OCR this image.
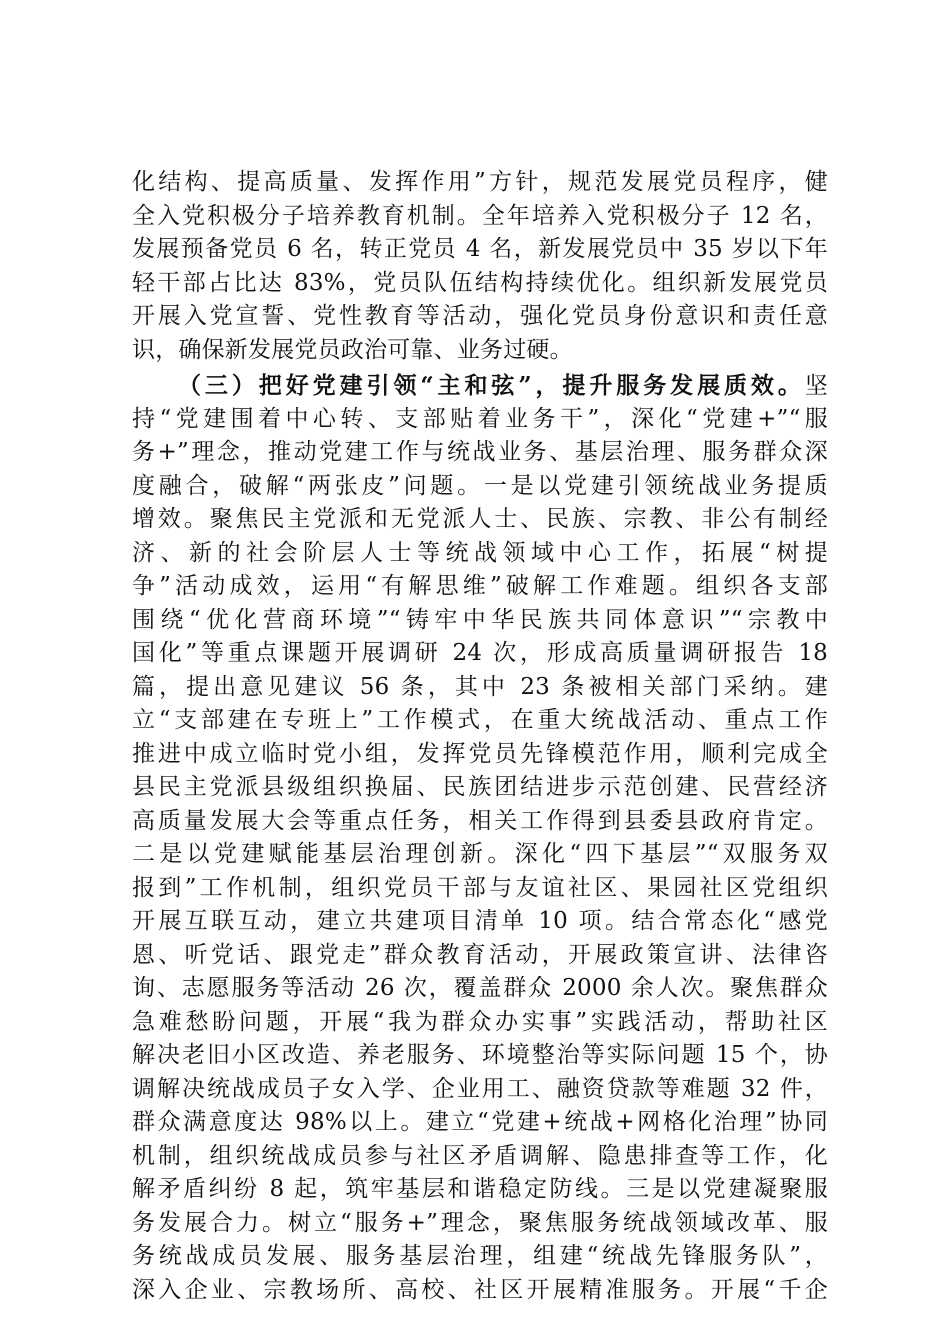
化结构、提高质量、发挥作用”方针，规范发展党员程序，健
全入党积极分子培养教育机制。全年培养入党积极分子 12 名，
发展预备党员 6 名，转正党员 4 名，新发展党员中 35 岁以下年
轻干部占比达 83%，党员队伍结构持续优化。组织新发展党员
开展入党宣誓、党性教育等活动，强化党员身份意识和责任意
识，确保新发展党员政治可靠、业务过硬。
（三）把好党建引领“主和弦”，提升服务发展质效。坚
持“党建围着中心转、支部贴着业务干”，深化“党建+”“服
务+”理念，推动党建工作与统战业务、基层治理、服务群众深
度融合，破解“两张皮”问题。一是以党建引领统战业务提质
增效。聚焦民主党派和无党派人士、民族、宗教、非公有制经
济、新的社会阶层人士等统战领域中心工作，拓展“树提
争”活动成效，运用“有解思维”破解工作难题。组织各支部
围绕“优化营商环境”“铸牢中华民族共同体意识”“宗教中
国化”等重点课题开展调研 24 次，形成高质量调研报告 18
篇，提出意见建议 56 条，其中 23 条被相关部门采纳。建
立“支部建在专班上”工作模式，在重大统战活动、重点工作
推进中成立临时党小组，发挥党员先锋模范作用，顺利完成全
县民主党派县级组织换届、民族团结进步示范创建、民营经济
高质量发展大会等重点任务，相关工作得到县委县政府肯定。
二是以党建赋能基层治理创新。深化“四下基层”“双服务双
报到”工作机制，组织党员干部与友谊社区、果园社区党组织
开展互联互动，建立共建项目清单 10 项。结合常态化“感党
恩、听党话、跟党走”群众教育活动，开展政策宣讲、法律咨
询、志愿服务等活动 26 次，覆盖群众 2000 余人次。聚焦群众
急难愁盼问题，开展“我为群众办实事”实践活动，帮助社区
解决老旧小区改造、养老服务、环境整治等实际问题 15 个，协
调解决统战成员子女入学、企业用工、融资贷款等难题 32 件，
群众满意度达 98%以上。建立“党建+统战+网格化治理”协同
机制，组织统战成员参与社区矛盾调解、隐患排查等工作，化
解矛盾纠纷 8 起，筑牢基层和谐稳定防线。三是以党建凝聚服
务发展合力。树立“服务+”理念，聚焦服务统战领域改革、服
务统战成员发展、服务基层治理，组建“统战先锋服务队”，
深入企业、宗教场所、高校、社区开展精准服务。开展“千企
